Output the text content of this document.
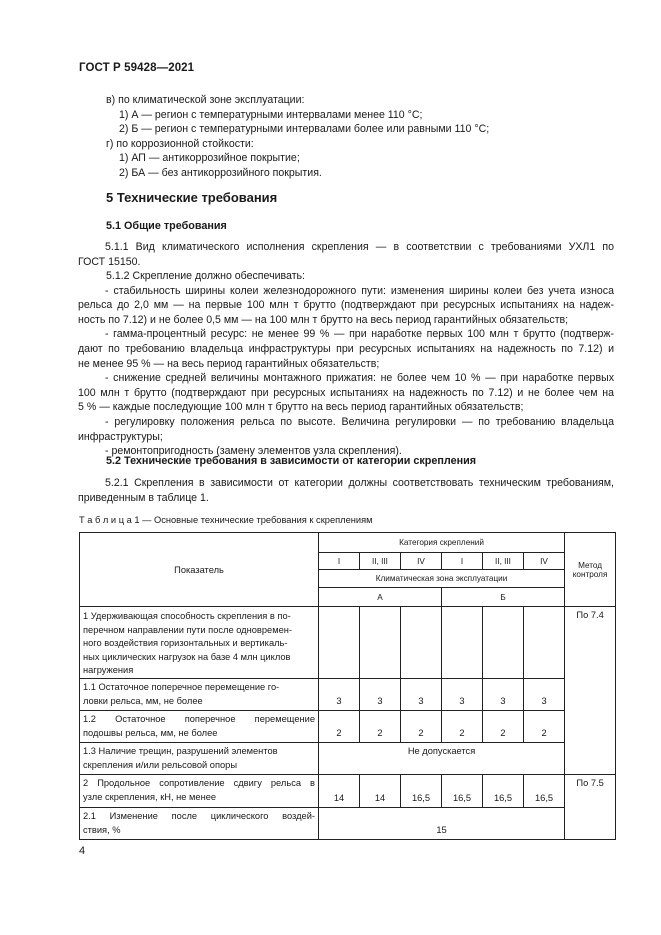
ГОСТ Р 59428—2021
в) по климатической зоне эксплуатации:
1) А — регион с температурными интервалами менее 110 °С;
2) Б — регион с температурными интервалами более или равными 110 °С;
г) по коррозионной стойкости:
1) АП — антикоррозийное покрытие;
2) БА — без антикоррозийного покрытия.
5 Технические требования
5.1 Общие требования
5.1.1 Вид климатического исполнения скрепления — в соответствии с требованиями УХЛ1 по
ГОСТ 15150.
5.1.2 Скрепление должно обеспечивать:
- стабильность ширины колеи железнодорожного пути: изменения ширины колеи без учета износа
рельса до 2,0 мм — на первые 100 млн т брутто (подтверждают при ресурсных испытаниях на надеж-
ность по 7.12) и не более 0,5 мм — на 100 млн т брутто на весь период гарантийных обязательств;
- гамма-процентный ресурс: не менее 99 % — при наработке первых 100 млн т брутто (подтверж-
дают по требованию владельца инфраструктуры при ресурсных испытаниях на надежность по 7.12) и
не менее 95 % — на весь период гарантийных обязательств;
- снижение средней величины монтажного прижатия: не более чем 10 % — при наработке первых
100 млн т брутто (подтверждают при ресурсных испытаниях на надежность по 7.12) и не более чем на
5 % — каждые последующие 100 млн т брутто на весь период гарантийных обязательств;
- регулировку положения рельса по высоте. Величина регулировки — по требованию владельца
инфраструктуры;
- ремонтопригодность (замену элементов узла скрепления).
5.2 Технические требования в зависимости от категории скрепления
5.2.1 Скрепления в зависимости от категории должны соответствовать техническим требованиям,
приведенным в таблице 1.
Т а б л и ц а 1 — Основные технические требования к скреплениям
Показатель	Категория скреплений						Метод
контроля

	I	II, III	IV	I	II, III	IV	
	Климатическая зона эксплуатации						
	А			Б			

1 Удерживающая способность скрепления в по-
перечном направлении пути после одновремен-
ного воздействия горизонтальных и вертикаль-
ных циклических нагрузок на базе 4 млн циклов
нагружения							По 7.4

1.1 Остаточное поперечное перемещение го-
ловки рельса, мм, не более	3	3	3	3	3	3	

1.2 Остаточное поперечное перемещение
подошвы рельса, мм, не более	2	2	2	2	2	2	

1.3 Наличие трещин, разрушений элементов
скрепления и/или рельсовой опоры	Не допускается						

2 Продольное сопротивление сдвигу рельса в
узле скрепления, кН, не менее	14	14	16,5	16,5	16,5	16,5	По 7.5

2.1 Изменение после циклического воздей-
ствия, %	15						
4
